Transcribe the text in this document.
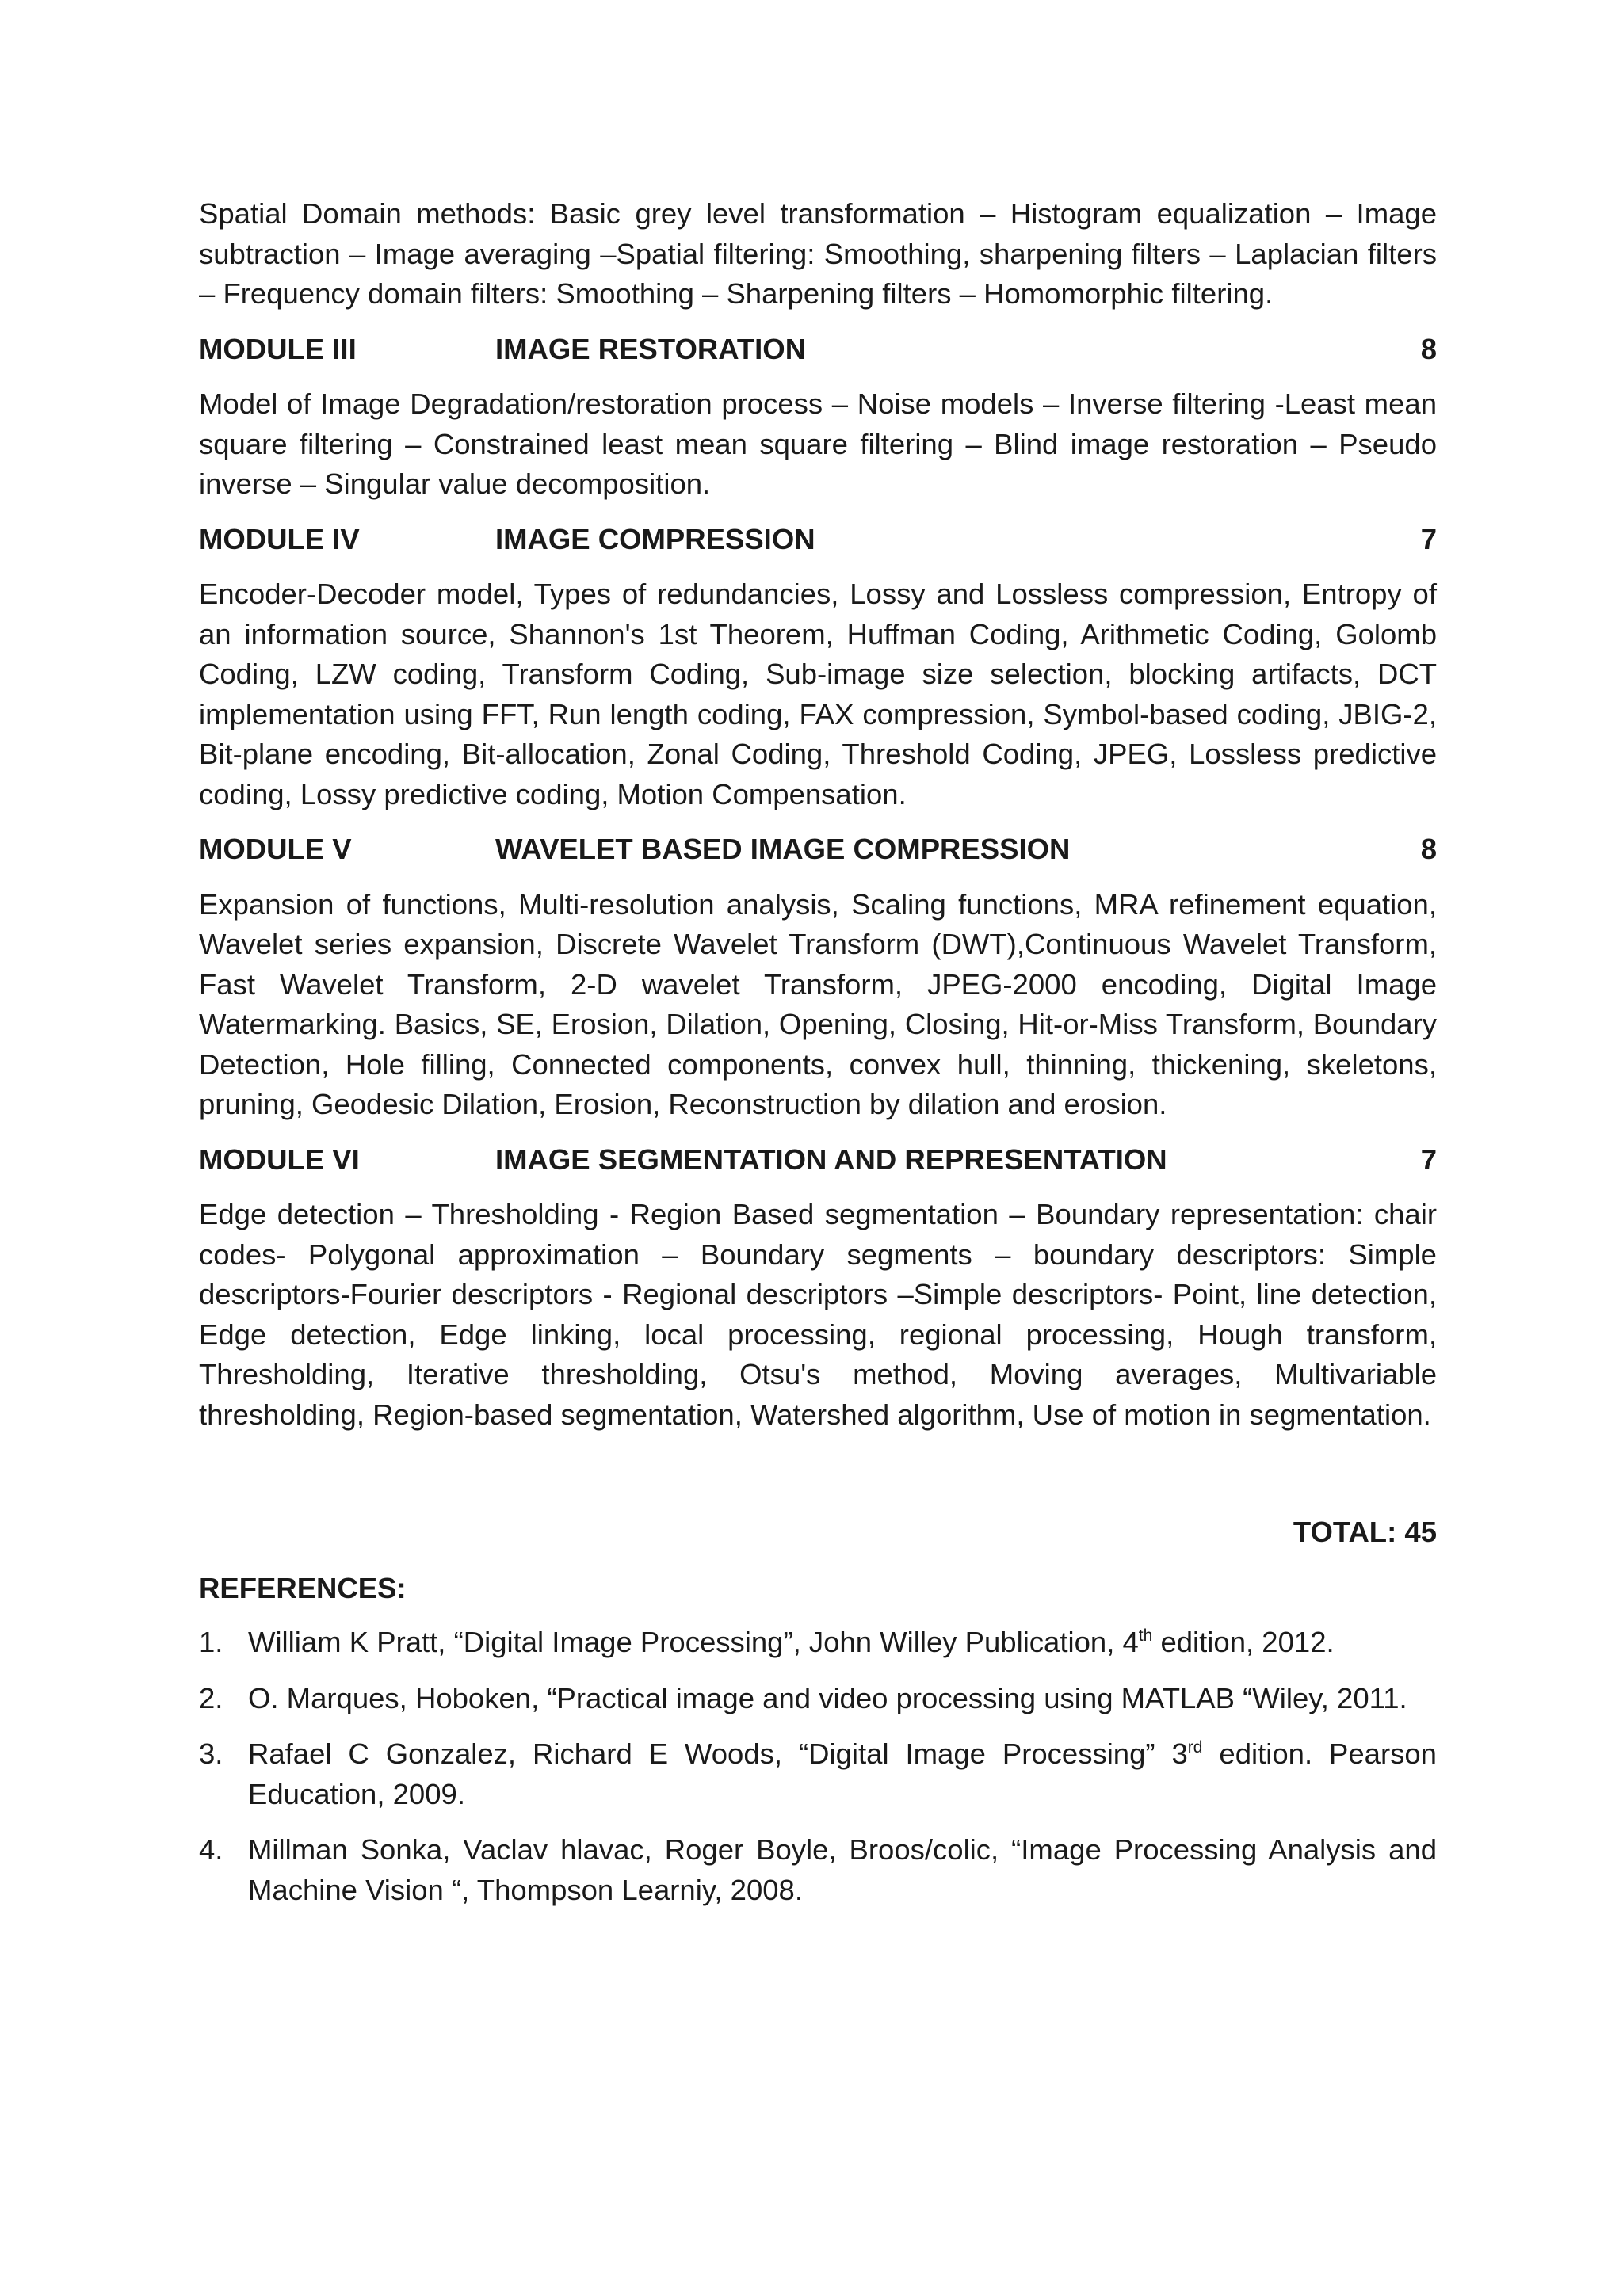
Spatial Domain methods: Basic grey level transformation – Histogram equalization – Image subtraction – Image averaging –Spatial filtering: Smoothing, sharpening filters – Laplacian filters – Frequency domain filters: Smoothing – Sharpening filters – Homomorphic filtering.

MODULE III	IMAGE RESTORATION	8

Model of Image Degradation/restoration process – Noise models – Inverse filtering -Least mean square filtering – Constrained least mean square filtering – Blind image restoration – Pseudo inverse – Singular value decomposition.

MODULE IV	IMAGE COMPRESSION	7

Encoder-Decoder model, Types of redundancies, Lossy and Lossless compression, Entropy of an information source, Shannon's 1st Theorem, Huffman Coding, Arithmetic Coding, Golomb Coding, LZW coding, Transform Coding, Sub-image size selection, blocking artifacts, DCT implementation using FFT, Run length coding, FAX compression, Symbol-based coding, JBIG-2, Bit-plane encoding, Bit-allocation, Zonal Coding, Threshold Coding, JPEG, Lossless predictive coding, Lossy predictive coding, Motion Compensation.

MODULE V	WAVELET BASED IMAGE COMPRESSION	8

Expansion of functions, Multi-resolution analysis, Scaling functions, MRA refinement equation, Wavelet series expansion, Discrete Wavelet Transform (DWT),Continuous Wavelet Transform, Fast Wavelet Transform, 2-D wavelet Transform, JPEG-2000 encoding, Digital Image Watermarking. Basics, SE, Erosion, Dilation, Opening, Closing, Hit-or-Miss Transform, Boundary Detection, Hole filling, Connected components, convex hull, thinning, thickening, skeletons, pruning, Geodesic Dilation, Erosion, Reconstruction by dilation and erosion.

MODULE VI	IMAGE SEGMENTATION AND REPRESENTATION	7

Edge detection – Thresholding - Region Based segmentation – Boundary representation: chair codes- Polygonal approximation – Boundary segments – boundary descriptors: Simple descriptors-Fourier descriptors - Regional descriptors –Simple descriptors- Point, line detection, Edge detection, Edge linking, local processing, regional processing, Hough transform, Thresholding, Iterative thresholding, Otsu's method, Moving averages, Multivariable thresholding, Region-based segmentation, Watershed algorithm, Use of motion in segmentation.

TOTAL: 45
REFERENCES:
1. William K Pratt, “Digital Image Processing”, John Willey Publication, 4th edition, 2012.
2. O. Marques, Hoboken, “Practical image and video processing using MATLAB “Wiley, 2011.
3. Rafael C Gonzalez, Richard E Woods, “Digital Image Processing” 3rd edition. Pearson Education, 2009.
4. Millman Sonka, Vaclav hlavac, Roger Boyle, Broos/colic, “Image Processing Analysis and Machine Vision “, Thompson Learniy, 2008.
